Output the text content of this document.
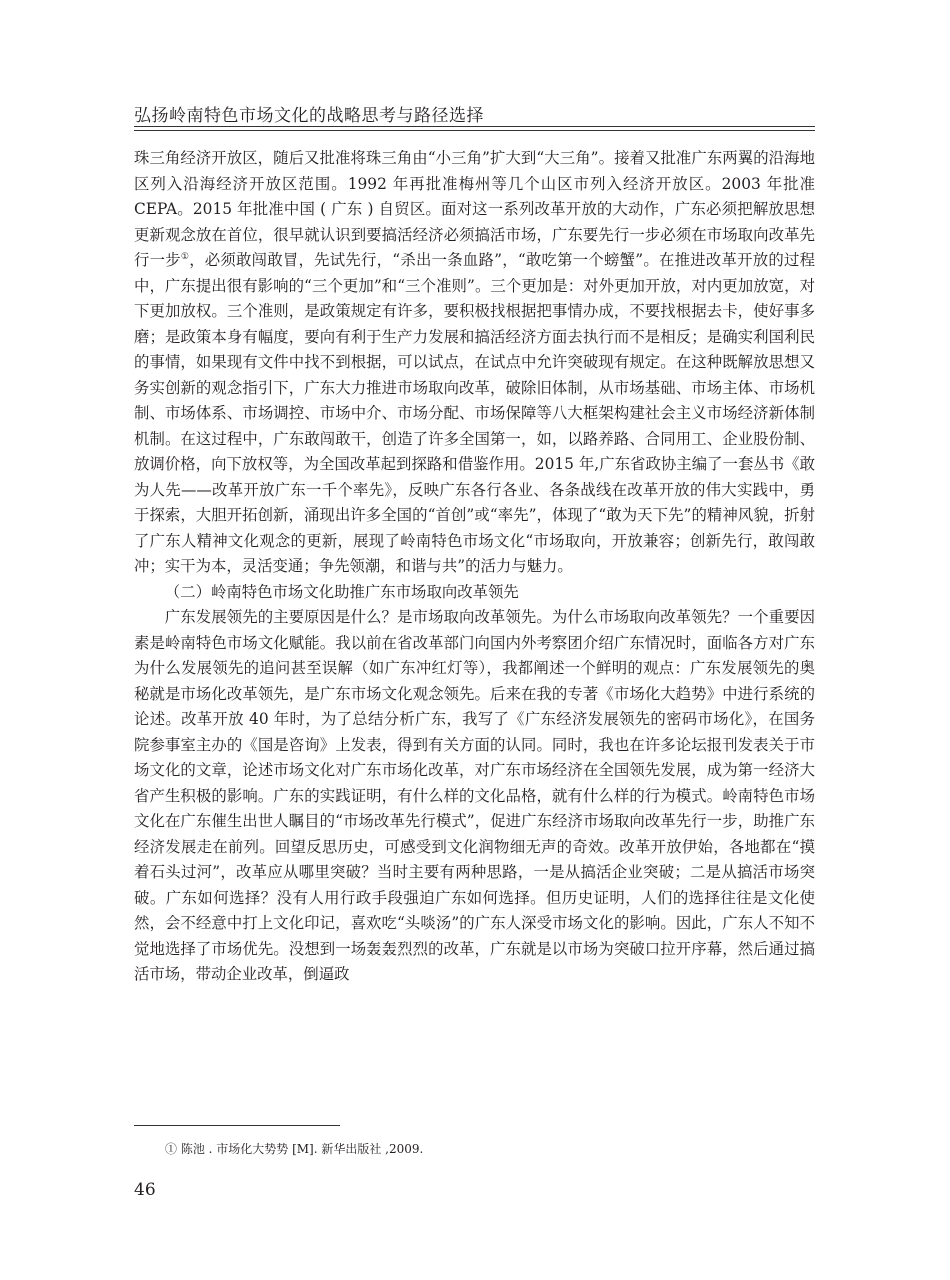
弘扬岭南特色市场文化的战略思考与路径选择

珠三角经济开放区，随后又批准将珠三角由“小三角”扩大到“大三角”。接着又批准广东两翼的沿海地区列入沿海经济开放区范围。1992 年再批准梅州等几个山区市列入经济开放区。2003 年批准 CEPA。2015 年批准中国 ( 广东 ) 自贸区。面对这一系列改革开放的大动作，广东必须把解放思想更新观念放在首位，很早就认识到要搞活经济必须搞活市场，广东要先行一步必须在市场取向改革先行一步①，必须敢闯敢冒，先试先行，“杀出一条血路”，“敢吃第一个螃蟹”。在推进改革开放的过程中，广东提出很有影响的“三个更加”和“三个准则”。三个更加是：对外更加开放，对内更加放宽，对下更加放权。三个准则，是政策规定有许多，要积极找根据把事情办成，不要找根据去卡，使好事多磨；是政策本身有幅度，要向有利于生产力发展和搞活经济方面去执行而不是相反；是确实利国利民的事情，如果现有文件中找不到根据，可以试点，在试点中允许突破现有规定。在这种既解放思想又务实创新的观念指引下，广东大力推进市场取向改革，破除旧体制，从市场基础、市场主体、市场机制、市场体系、市场调控、市场中介、市场分配、市场保障等八大框架构建社会主义市场经济新体制机制。在这过程中，广东敢闯敢干，创造了许多全国第一，如，以路养路、合同用工、企业股份制、放调价格，向下放权等，为全国改革起到探路和借鉴作用。2015 年,广东省政协主编了一套丛书《敢为人先——改革开放广东一千个率先》，反映广东各行各业、各条战线在改革开放的伟大实践中，勇于探索，大胆开拓创新，涌现出许多全国的“首创”或“率先”，体现了“敢为天下先”的精神风貌，折射了广东人精神文化观念的更新，展现了岭南特色市场文化“市场取向，开放兼容；创新先行，敢闯敢冲；实干为本，灵活变通；争先领潮，和谐与共”的活力与魅力。

（二）岭南特色市场文化助推广东市场取向改革领先

广东发展领先的主要原因是什么？是市场取向改革领先。为什么市场取向改革领先？一个重要因素是岭南特色市场文化赋能。我以前在省改革部门向国内外考察团介绍广东情况时，面临各方对广东为什么发展领先的追问甚至误解（如广东冲红灯等），我都阐述一个鲜明的观点：广东发展领先的奥秘就是市场化改革领先，是广东市场文化观念领先。后来在我的专著《市场化大趋势》中进行系统的论述。改革开放 40 年时，为了总结分析广东，我写了《广东经济发展领先的密码市场化》，在国务院参事室主办的《国是咨询》上发表，得到有关方面的认同。同时，我也在许多论坛报刊发表关于市场文化的文章，论述市场文化对广东市场化改革，对广东市场经济在全国领先发展，成为第一经济大省产生积极的影响。广东的实践证明，有什么样的文化品格，就有什么样的行为模式。岭南特色市场文化在广东催生出世人瞩目的“市场改革先行模式”，促进广东经济市场取向改革先行一步，助推广东经济发展走在前列。回望反思历史，可感受到文化润物细无声的奇效。改革开放伊始，各地都在“摸着石头过河”，改革应从哪里突破？当时主要有两种思路，一是从搞活企业突破；二是从搞活市场突破。广东如何选择？没有人用行政手段强迫广东如何选择。但历史证明，人们的选择往往是文化使然，会不经意中打上文化印记，喜欢吃“头啖汤”的广东人深受市场文化的影响。因此，广东人不知不觉地选择了市场优先。没想到一场轰轰烈烈的改革，广东就是以市场为突破口拉开序幕，然后通过搞活市场，带动企业改革，倒逼政

① 陈池 . 市场化大势势 [M]. 新华出版社 ,2009.
46
